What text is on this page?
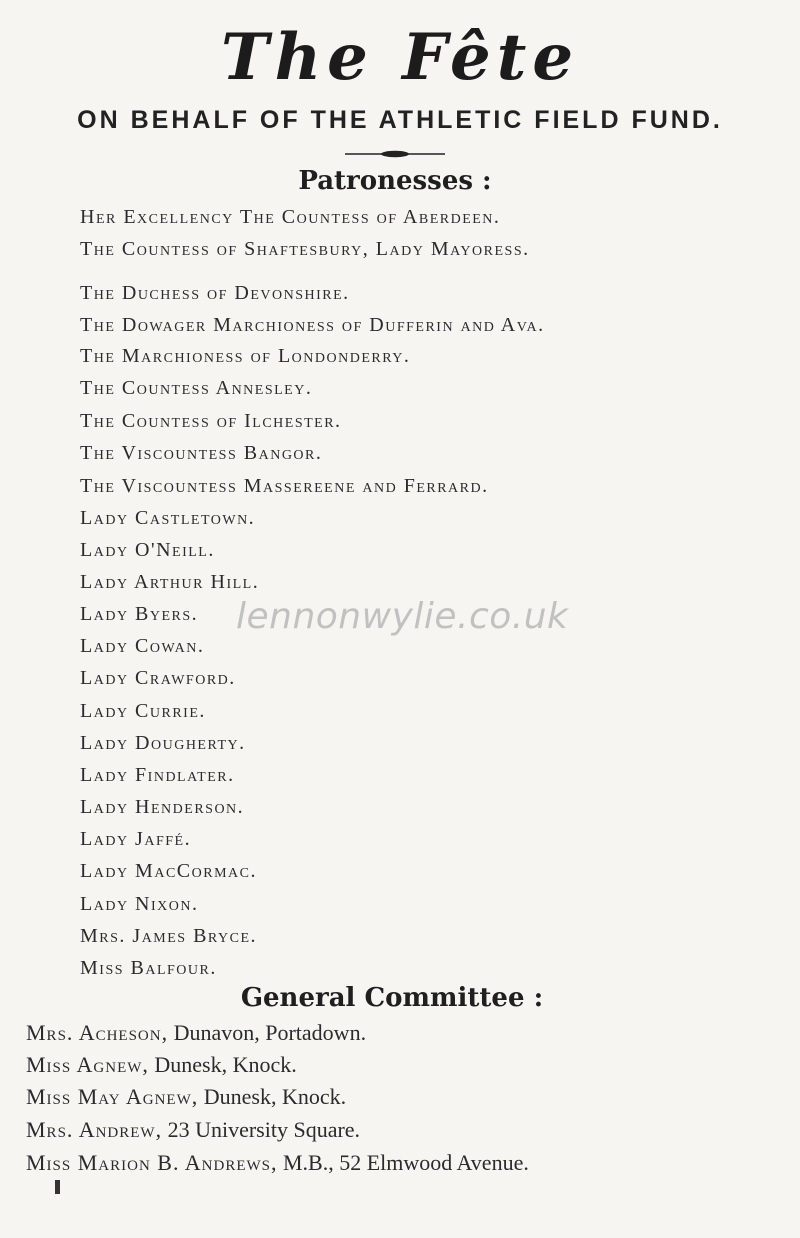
The Fête
ON BEHALF OF THE ATHLETIC FIELD FUND.
Patronesses :
Her Excellency The Countess of Aberdeen.
The Countess of Shaftesbury, Lady Mayoress.
The Duchess of Devonshire.
The Dowager Marchioness of Dufferin and Ava.
The Marchioness of Londonderry.
The Countess Annesley.
The Countess of Ilchester.
The Viscountess Bangor.
The Viscountess Massereene and Ferrard.
Lady Castletown.
Lady O'Neill.
Lady Arthur Hill.
Lady Byers.
Lady Cowan.
Lady Crawford.
Lady Currie.
Lady Dougherty.
Lady Findlater.
Lady Henderson.
Lady Jaffé.
Lady MacCormac.
Lady Nixon.
Mrs. James Bryce.
Miss Balfour.
lennonwylie.co.uk
General Committee :
Mrs. Acheson, Dunavon, Portadown.
Miss Agnew, Dunesk, Knock.
Miss May Agnew, Dunesk, Knock.
Mrs. Andrew, 23 University Square.
Miss Marion B. Andrews, M.B., 52 Elmwood Avenue.
